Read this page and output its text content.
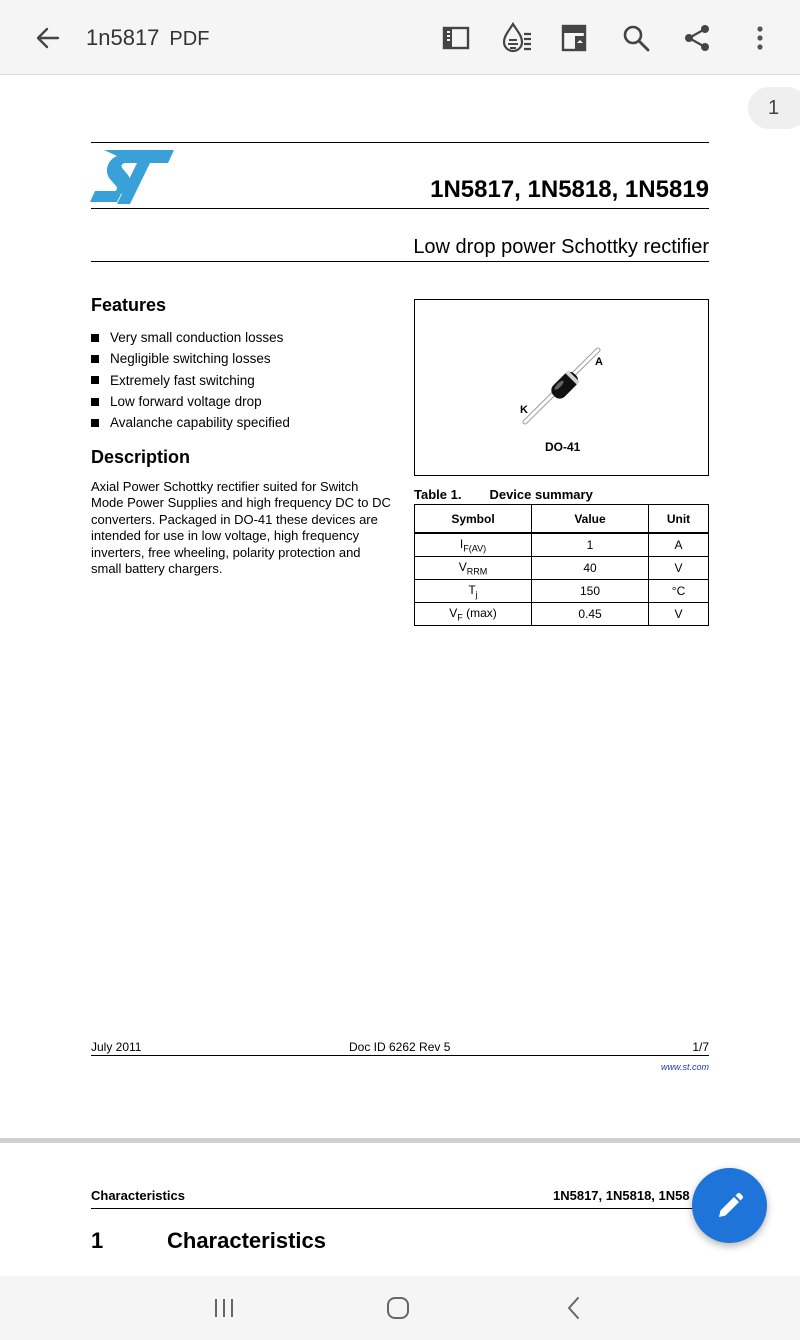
1n5817 PDF
1
1N5817, 1N5818, 1N5819
Low drop power Schottky rectifier
Features
Very small conduction losses
Negligible switching losses
Extremely fast switching
Low forward voltage drop
Avalanche capability specified
Description
Axial Power Schottky rectifier suited for Switch Mode Power Supplies and high frequency DC to DC converters. Packaged in DO-41 these devices are intended for use in low voltage, high frequency inverters, free wheeling, polarity protection and small battery chargers.
A
K
DO-41
Table 1. Device summary
Symbol	Value	Unit
$I_{F(AV)}$	1	A
$V_{RRM}$	40	V
$T_j$	150	°C
$V_F$ (max)	0.45	V
July 2011	Doc ID 6262 Rev 5	1/7
www.st.com
Characteristics	1N5817, 1N5818, 1N58
1	Characteristics
